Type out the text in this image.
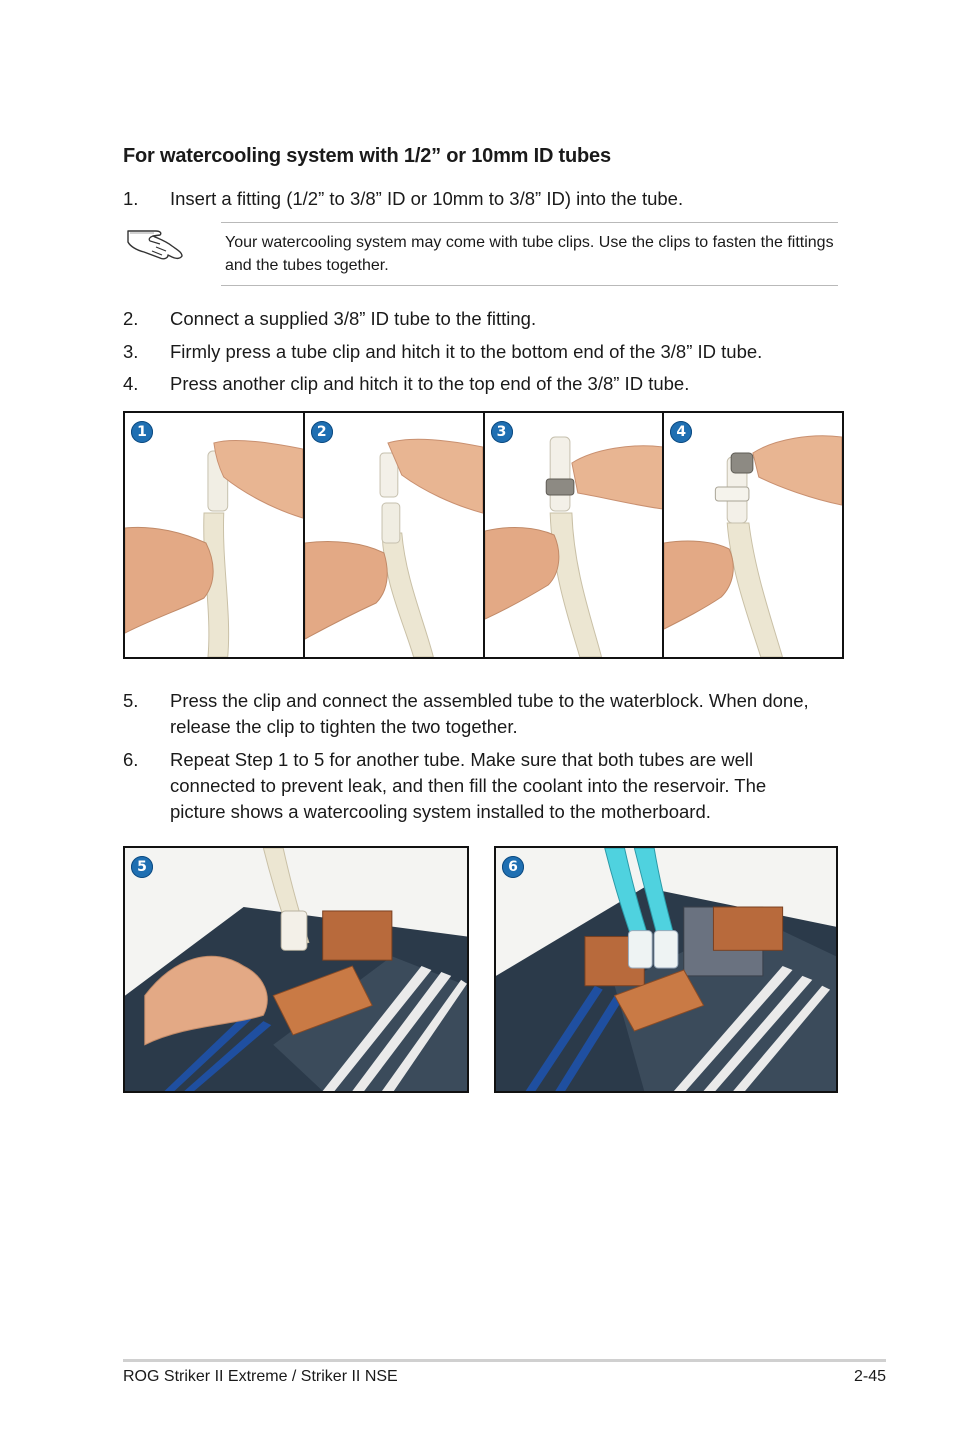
For watercooling system with 1/2” or 10mm ID tubes
1. Insert a fitting (1/2” to 3/8” ID or 10mm to 3/8” ID) into the tube.
Your watercooling system may come with tube clips. Use the clips to fasten the fittings and the tubes together.
2. Connect a supplied 3/8” ID tube to the fitting.
3. Firmly press a tube clip and hitch it to the bottom end of the 3/8” ID tube.
4. Press another clip and hitch it to the top end of the 3/8” ID tube.
1	2	3	4
5. Press the clip and connect the assembled tube to the waterblock. When done, release the clip to tighten the two together.
6. Repeat Step 1 to 5 for another tube. Make sure that both tubes are well connected to prevent leak, and then fill the coolant into the reservoir. The picture shows a watercooling system installed to the motherboard.
5	6
ROG Striker II Extreme / Striker II NSE	2-45
